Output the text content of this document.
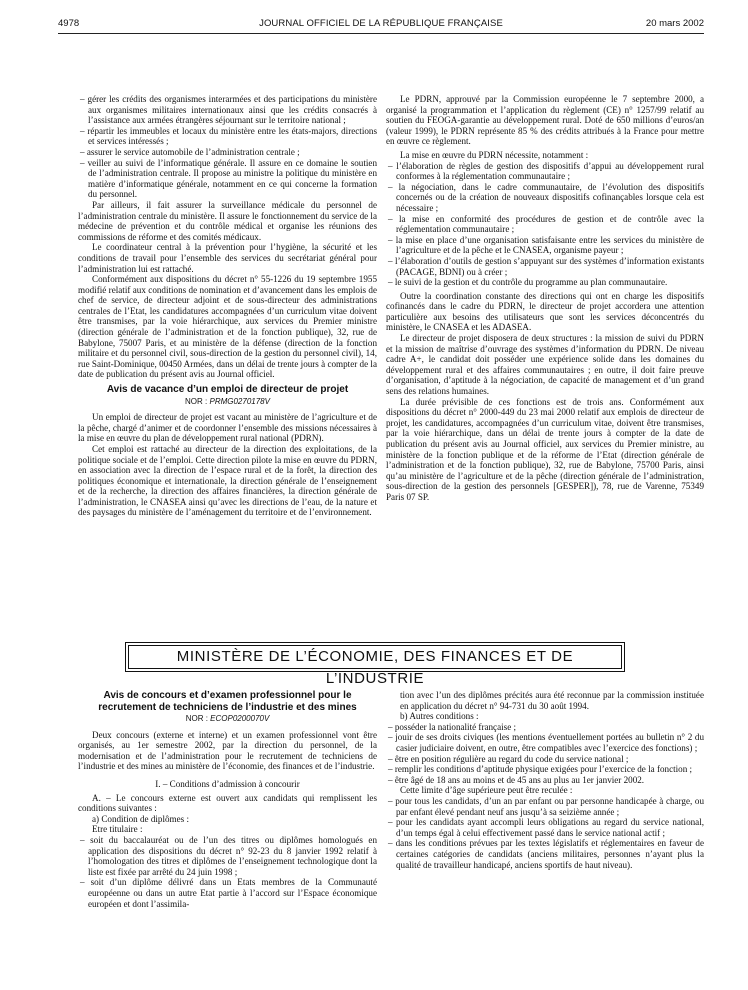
4978	JOURNAL OFFICIEL DE LA RÉPUBLIQUE FRANÇAISE	20 mars 2002
– gérer les crédits des organismes interarmées et des participations du ministère aux organismes militaires internationaux ainsi que les crédits consacrés à l’assistance aux armées étrangères séjournant sur le territoire national ;
– répartir les immeubles et locaux du ministère entre les états-majors, directions et services intéressés ;
– assurer le service automobile de l’administration centrale ;
– veiller au suivi de l’informatique générale. Il assure en ce domaine le soutien de l’administration centrale. Il propose au ministre la politique du ministère en matière d’informatique générale, notamment en ce qui concerne la formation du personnel.

Par ailleurs, il fait assurer la surveillance médicale du personnel de l’administration centrale du ministère. Il assure le fonctionnement du service de la médecine de prévention et du contrôle médical et organise les réunions des commissions de réforme et des comités médicaux.

Le coordinateur central à la prévention pour l’hygiène, la sécurité et les conditions de travail pour l’ensemble des services du secrétariat général pour l’administration lui est rattaché.

Conformément aux dispositions du décret n° 55-1226 du 19 septembre 1955 modifié relatif aux conditions de nomination et d’avancement dans les emplois de chef de service, de directeur adjoint et de sous-directeur des administrations centrales de l’Etat, les candidatures accompagnées d’un curriculum vitae doivent être transmises, par la voie hiérarchique, aux services du Premier ministre (direction générale de l’administration et de la fonction publique), 32, rue de Babylone, 75007 Paris, et au ministère de la défense (direction de la fonction militaire et du personnel civil, sous-direction de la gestion du personnel civil), 14, rue Saint-Dominique, 00450 Armées, dans un délai de trente jours à compter de la date de publication du présent avis au Journal officiel.

Avis de vacance d’un emploi de directeur de projet
NOR : PRMG0270178V

Un emploi de directeur de projet est vacant au ministère de l’agriculture et de la pêche, chargé d’animer et de coordonner l’ensemble des missions nécessaires à la mise en œuvre du plan de développement rural national (PDRN).

Cet emploi est rattaché au directeur de la direction des exploitations, de la politique sociale et de l’emploi. Cette direction pilote la mise en œuvre du PDRN, en association avec la direction de l’espace rural et de la forêt, la direction des politiques économique et internationale, la direction générale de l’enseignement et de la recherche, la direction des affaires financières, la direction générale de l’administration, le CNASEA ainsi qu’avec les directions de l’eau, de la nature et des paysages du ministère de l’aménagement du territoire et de l’environnement.

Le PDRN, approuvé par la Commission européenne le 7 septembre 2000, a organisé la programmation et l’application du règlement (CE) n° 1257/99 relatif au soutien du FEOGA-garantie au développement rural. Doté de 650 millions d’euros/an (valeur 1999), le PDRN représente 85 % des crédits attribués à la France pour mettre en œuvre ce règlement.

La mise en œuvre du PDRN nécessite, notamment :

– l’élaboration de règles de gestion des dispositifs d’appui au développement rural conformes à la réglementation communautaire ;
– la négociation, dans le cadre communautaire, de l’évolution des dispositifs concernés ou de la création de nouveaux dispositifs cofinançables lorsque cela est nécessaire ;
– la mise en conformité des procédures de gestion et de contrôle avec la réglementation communautaire ;
– la mise en place d’une organisation satisfaisante entre les services du ministère de l’agriculture et de la pêche et le CNASEA, organisme payeur ;
– l’élaboration d’outils de gestion s’appuyant sur des systèmes d’information existants (PACAGE, BDNI) ou à créer ;
– le suivi de la gestion et du contrôle du programme au plan communautaire.

Outre la coordination constante des directions qui ont en charge les dispositifs cofinancés dans le cadre du PDRN, le directeur de projet accordera une attention particulière aux besoins des utilisateurs que sont les services déconcentrés du ministère, le CNASEA et les ADASEA.

Le directeur de projet disposera de deux structures : la mission de suivi du PDRN et la mission de maîtrise d’ouvrage des systèmes d’information du PDRN. De niveau cadre A+, le candidat doit posséder une expérience solide dans les domaines du développement rural et des affaires communautaires ; en outre, il doit faire preuve d’organisation, d’aptitude à la négociation, de capacité de management et d’un grand sens des relations humaines.

La durée prévisible de ces fonctions est de trois ans. Conformément aux dispositions du décret n° 2000-449 du 23 mai 2000 relatif aux emplois de directeur de projet, les candidatures, accompagnées d’un curriculum vitae, doivent être transmises, par la voie hiérarchique, dans un délai de trente jours à compter de la date de publication du présent avis au Journal officiel, aux services du Premier ministre, au ministère de la fonction publique et de la réforme de l’Etat (direction générale de l’administration et de la fonction publique), 32, rue de Babylone, 75700 Paris, ainsi qu’au ministère de l’agriculture et de la pêche (direction générale de l’administration, sous-direction de la gestion des personnels [GESPER]), 78, rue de Varenne, 75349 Paris 07 SP.

MINISTÈRE DE L’ÉCONOMIE, DES FINANCES ET DE L’INDUSTRIE
Avis de concours et d’examen professionnel pour le recrutement de techniciens de l’industrie et des mines
NOR : ECOP0200070V

Deux concours (externe et interne) et un examen professionnel vont être organisés, au 1er semestre 2002, par la direction du personnel, de la modernisation et de l’administration pour le recrutement de techniciens de l’industrie et des mines au ministère de l’économie, des finances et de l’industrie.

I. – Conditions d’admission à concourir

A. – Le concours externe est ouvert aux candidats qui remplissent les conditions suivantes :

a) Condition de diplômes :

Etre titulaire :

– soit du baccalauréat ou de l’un des titres ou diplômes homologués en application des dispositions du décret n° 92-23 du 8 janvier 1992 relatif à l’homologation des titres et diplômes de l’enseignement technologique dont la liste est fixée par arrêté du 24 juin 1998 ;
– soit d’un diplôme délivré dans un Etats membres de la Communauté européenne ou dans un autre Etat partie à l’accord sur l’Espace économique européen et dont l’assimila-

tion avec l’un des diplômes précités aura été reconnue par la commission instituée en application du décret n° 94-731 du 30 août 1994.

b) Autres conditions :

– posséder la nationalité française ;
– jouir de ses droits civiques (les mentions éventuellement portées au bulletin n° 2 du casier judiciaire doivent, en outre, être compatibles avec l’exercice des fonctions) ;
– être en position régulière au regard du code du service national ;
– remplir les conditions d’aptitude physique exigées pour l’exercice de la fonction ;
– être âgé de 18 ans au moins et de 45 ans au plus au 1er janvier 2002.

Cette limite d’âge supérieure peut être reculée :

– pour tous les candidats, d’un an par enfant ou par personne handicapée à charge, ou par enfant élevé pendant neuf ans jusqu’à sa seizième année ;
– pour les candidats ayant accompli leurs obligations au regard du service national, d’un temps égal à celui effectivement passé dans le service national actif ;
– dans les conditions prévues par les textes législatifs et réglementaires en faveur de certaines catégories de candidats (anciens militaires, personnes n’ayant plus la qualité de travailleur handicapé, anciens sportifs de haut niveau).
